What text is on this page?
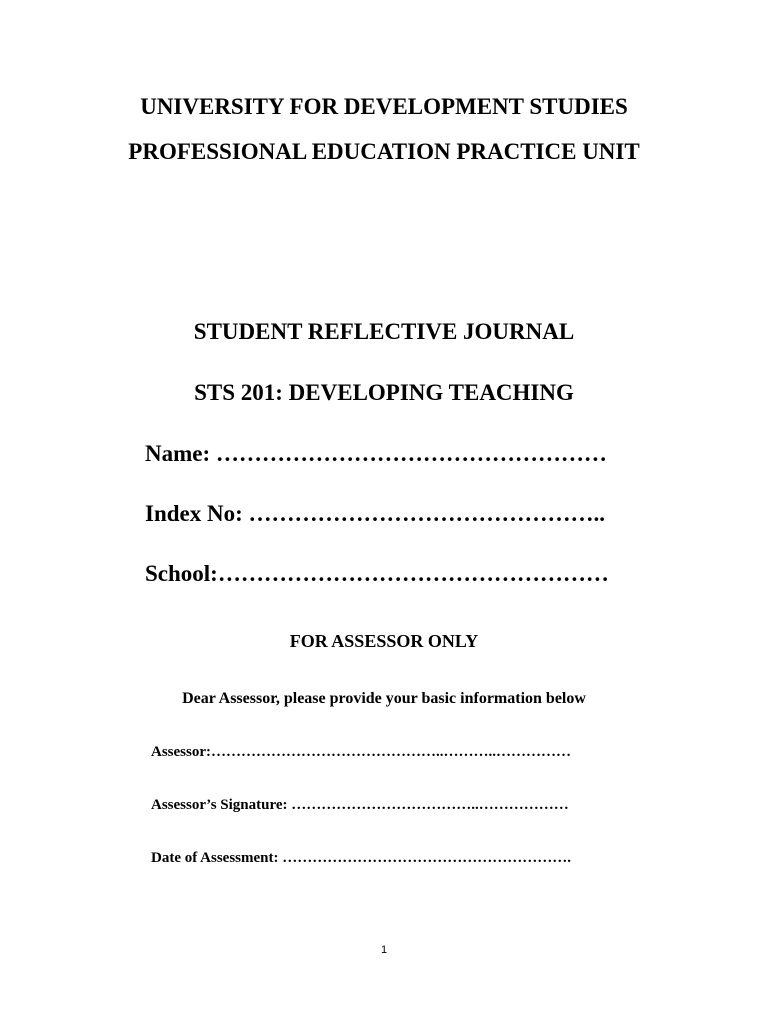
UNIVERSITY FOR DEVELOPMENT STUDIES
PROFESSIONAL EDUCATION PRACTICE UNIT
STUDENT REFLECTIVE JOURNAL
STS 201: DEVELOPING TEACHING
Name: ……………………………………………
Index No: ………………………………………..
School:……………………………………………
FOR ASSESSOR ONLY
Dear Assessor, please provide your basic information below
Assessor:………………………………………..………..……………
Assessor’s Signature: ………………………………..………………
Date of Assessment: ………………………………………………….
1
